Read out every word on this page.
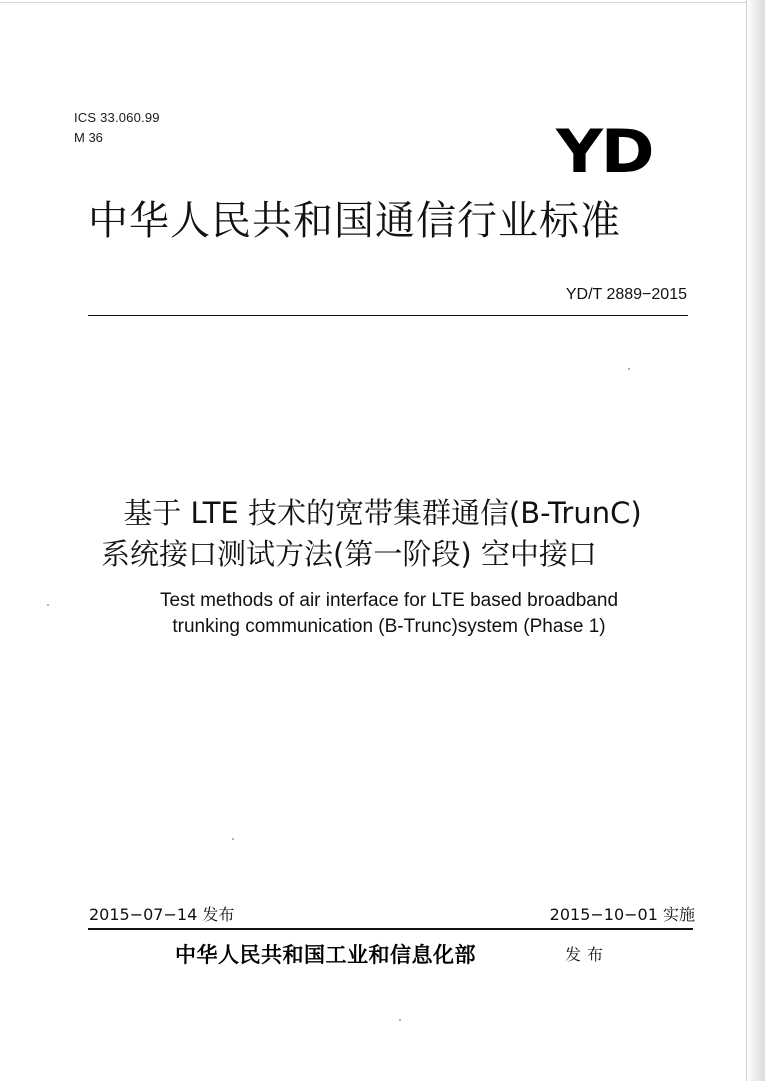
ICS 33.060.99
M 36	YD
中华人民共和国通信行业标准
YD/T 2889−2015
基于 LTE 技术的宽带集群通信(B-TrunC)
系统接口测试方法(第一阶段) 空中接口
Test methods of air interface for LTE based broadband
trunking communication (B-Trunc)system (Phase 1)
2015−07−14 发布	2015−10−01 实施
中华人民共和国工业和信息化部	发布
